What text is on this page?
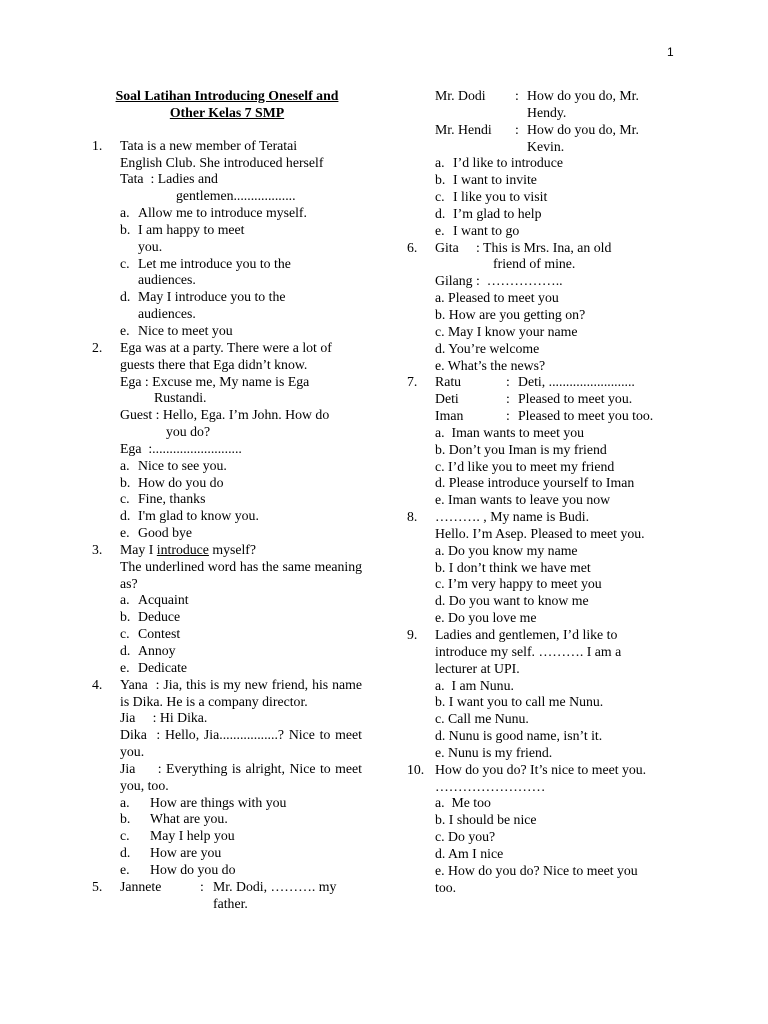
1
Soal Latihan Introducing Oneself and
Other Kelas 7 SMP
1. Tata is a new member of Teratai
English Club. She introduced herself
Tata  : Ladies and
gentlemen..................
a. Allow me to introduce myself.
b. I am happy to meet
you.
c. Let me introduce you to the
audiences.
d. May I introduce you to the
audiences.
e. Nice to meet you
2. Ega was at a party. There were a lot of guests there that Ega didn’t know.
Ega : Excuse me, My name is Ega
Rustandi.
Guest : Hello, Ega. I’m John. How do
you do?
Ega  :..........................
a. Nice to see you.
b. How do you do
c. Fine, thanks
d. I'm glad to know you.
e. Good bye
3. May I introduce myself?
The underlined word has the same meaning as?
a. Acquaint
b. Deduce
c. Contest
d. Annoy
e. Dedicate
4. Yana  : Jia, this is my new friend, his name is Dika. He is a company director.
Jia     : Hi Dika.
Dika  : Hello, Jia.................? Nice to meet you.
Jia     : Everything is alright, Nice to meet you, too.
a. How are things with you
b. What are you.
c. May I help you
d. How are you
e. How do you do
5. Jannete	: Mr. Dodi, ………. my
father.
Mr. Dodi	: How do you do, Mr.
Hendy.
Mr. Hendi	: How do you do, Mr.
Kevin.
a. I’d like to introduce
b. I want to invite
c. I like you to visit
d. I’m glad to help
e. I want to go
6. Gita     : This is Mrs. Ina, an old
friend of mine.
Gilang :  ……………..
a. Pleased to meet you
b. How are you getting on?
c. May I know your name
d. You’re welcome
e. What’s the news?
7. Ratu	: Deti, .........................
Deti	: Pleased to meet you.
Iman	: Pleased to meet you too.
a.  Iman wants to meet you
b. Don’t you Iman is my friend
c. I’d like you to meet my friend
d. Please introduce yourself to Iman
e. Iman wants to leave you now
8. ………. , My name is Budi.
Hello. I’m Asep. Pleased to meet you.
a. Do you know my name
b. I don’t think we have met
c. I’m very happy to meet you
d. Do you want to know me
e. Do you love me
9. Ladies and gentlemen, I’d like to
introduce my self. ………. I am a
lecturer at UPI.
a.  I am Nunu.
b. I want you to call me Nunu.
c. Call me Nunu.
d. Nunu is good name, isn’t it.
e. Nunu is my friend.
10. How do you do? It’s nice to meet you.
……………………
a.  Me too
b. I should be nice
c. Do you?
d. Am I nice
e. How do you do? Nice to meet you
too.
